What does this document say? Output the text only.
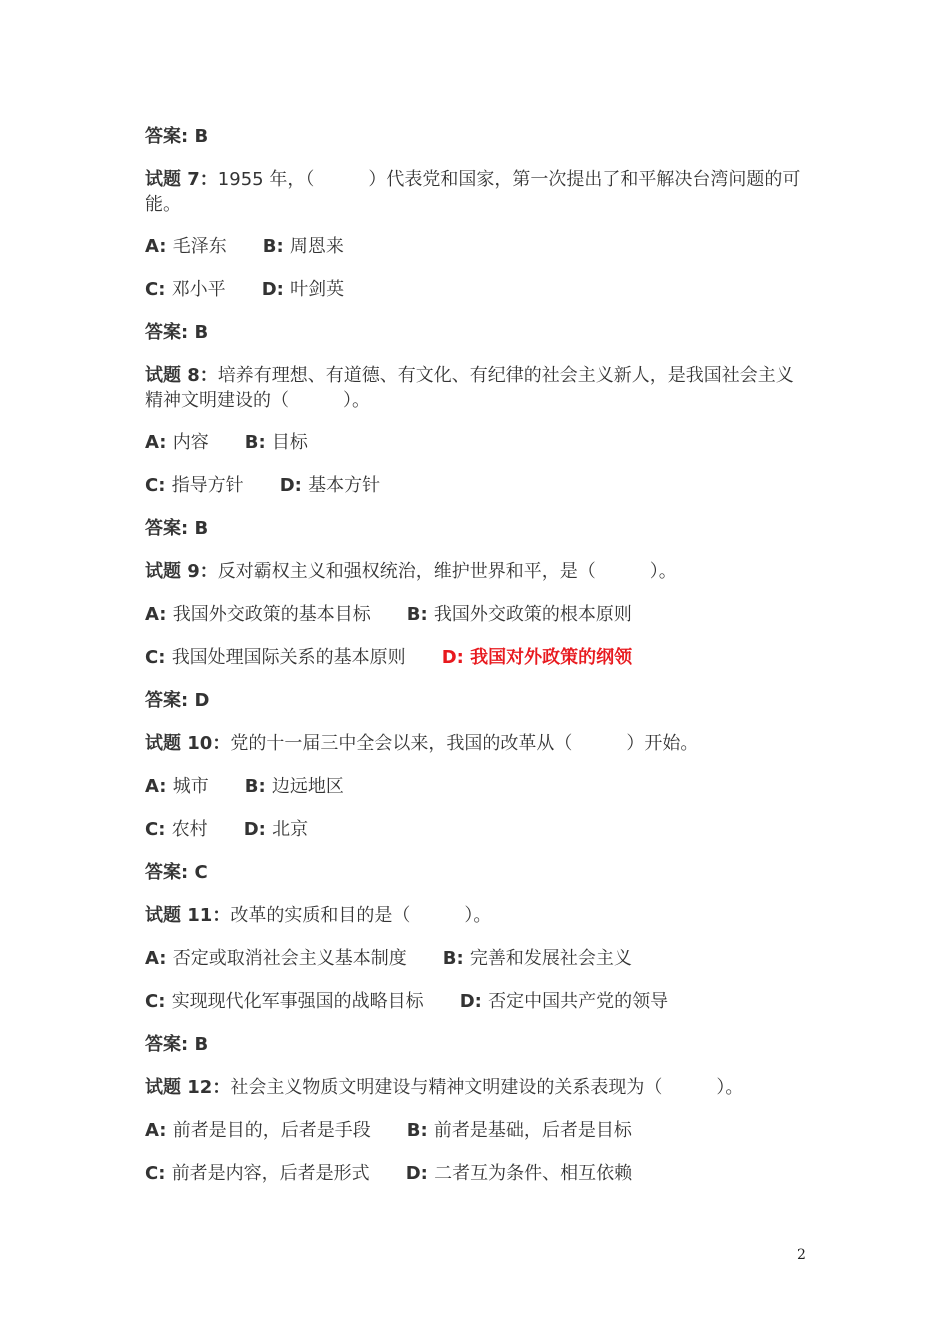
答案: B
试题 7：1955 年，（　　　）代表党和国家，第一次提出了和平解决台湾问题的可能。
A: 毛泽东 B: 周恩来
C: 邓小平 D: 叶剑英
答案: B
试题 8：培养有理想、有道德、有文化、有纪律的社会主义新人，是我国社会主义精神文明建设的（　　　）。
A: 内容 B: 目标
C: 指导方针 D: 基本方针
答案: B
试题 9：反对霸权主义和强权统治，维护世界和平，是（　　　）。
A: 我国外交政策的基本目标 B: 我国外交政策的根本原则
C: 我国处理国际关系的基本原则 D: 我国对外政策的纲领
答案: D
试题 10：党的十一届三中全会以来，我国的改革从（　　　）开始。
A: 城市 B: 边远地区
C: 农村 D: 北京
答案: C
试题 11：改革的实质和目的是（　　　）。
A: 否定或取消社会主义基本制度 B: 完善和发展社会主义
C: 实现现代化军事强国的战略目标 D: 否定中国共产党的领导
答案: B
试题 12：社会主义物质文明建设与精神文明建设的关系表现为（　　　）。
A: 前者是目的，后者是手段 B: 前者是基础，后者是目标
C: 前者是内容，后者是形式 D: 二者互为条件、相互依赖
2
